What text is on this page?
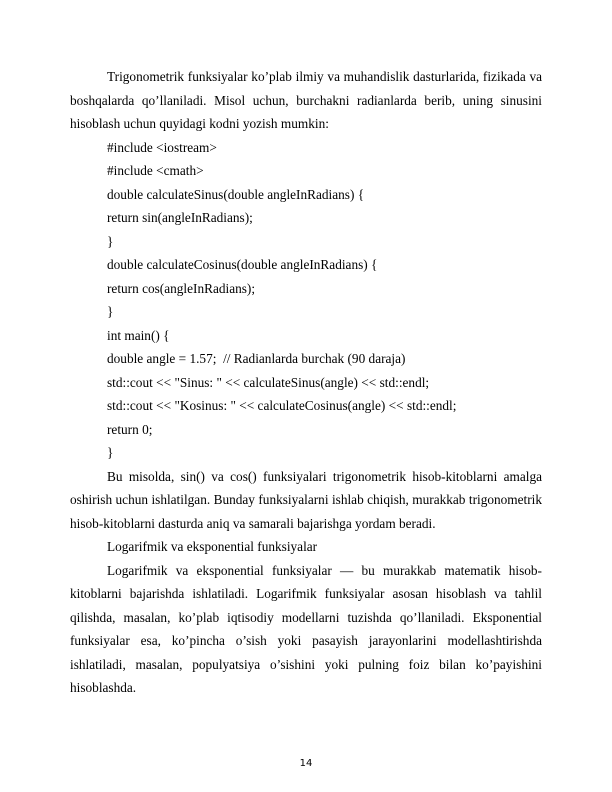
Trigonometrik funksiyalar ko’plab ilmiy va muhandislik dasturlarida, fizikada va boshqalarda qo’llaniladi. Misol uchun, burchakni radianlarda berib, uning sinusini hisoblash uchun quyidagi kodni yozish mumkin:

#include <iostream>

#include <cmath>

double calculateSinus(double angleInRadians) {

return sin(angleInRadians);

}

double calculateCosinus(double angleInRadians) {

return cos(angleInRadians);

}

int main() {

double angle = 1.57;  // Radianlarda burchak (90 daraja)

std::cout << "Sinus: " << calculateSinus(angle) << std::endl;

std::cout << "Kosinus: " << calculateCosinus(angle) << std::endl;

return 0;

}

Bu misolda, sin() va cos() funksiyalari trigonometrik hisob-kitoblarni amalga oshirish uchun ishlatilgan. Bunday funksiyalarni ishlab chiqish, murakkab trigonometrik hisob-kitoblarni dasturda aniq va samarali bajarishga yordam beradi.

Logarifmik va eksponential funksiyalar

Logarifmik va eksponential funksiyalar — bu murakkab matematik hisob-kitoblarni bajarishda ishlatiladi. Logarifmik funksiyalar asosan hisoblash va tahlil qilishda, masalan, ko’plab iqtisodiy modellarni tuzishda qo’llaniladi. Eksponential funksiyalar esa, ko’pincha o’sish yoki pasayish jarayonlarini modellashtirishda ishlatiladi, masalan, populyatsiya o’sishini yoki pulning foiz bilan ko’payishini hisoblashda.

14
